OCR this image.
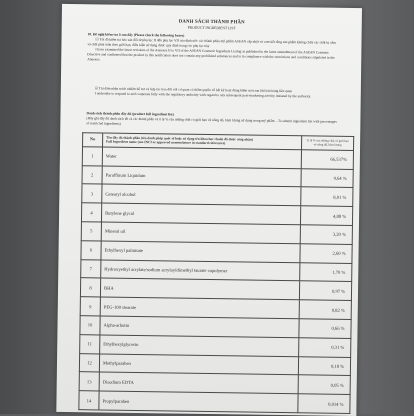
DANH SÁCH THÀNH PHẦN
PRODUCT INGREDIENT LIST

10. Đề nghị kiểm tra ô sau đây (Please check the following boxes)

☑ Tôi đã kiểm tra bảo sản đối từ phụ lục II đến phụ lục VII của định ước các thành phần mỹ phẩm ASEAN cập nhật và cam kết rằng sản phẩm không chứa các chất bị cấm và chất phải tuân theo giới hạn, điều kiện sử dụng được quy định trong các phụ lục này

I have examined the latest revisions of the Annexes II to VII of the ASEAN Cosmetic Ingredient Listing as published in the latest amendment of the ASEAN Cosmetic Directive and confirmed that the product in this notification does not contain any prohibited substances and is in compliance with the restrictions and conditions stipulated in the Annexes.

☑ Tôi đảm nhận trách nhiệm hỗ trợ và hợp tác trao đổi với cơ quan có thẩm quyền về bất kỳ hoạt động kiểm soát sau khi bán hàng liên quan

I undertake to respond to and cooperate fully with the regulatory authority with regard to any subsequent post-marketing activity initiated by the authority.

Danh sách thành phần đầy đủ (product full ingredient list)

(Hãy ghi đầy đủ danh sách tất cả các thành phần và tỉ lệ % của những chất có giới hạn về nồng độ, hàm lượng sử dụng trong mỹ phẩm – To submit ingredient list with percentages of restricted ingredients)

No	Tên đầy đủ thành phần (tên danh pháp quốc tế hoặc sử dụng tên khoa học chuẩn đã được công nhận)
Full Ingredient name (use INCI or approved nomenclature in standard references)	Tỉ lệ % của những chất có giới hạn về nồng độ, hàm lượng
1	Water	66,537%
2	Paraffinum Liquidum	9,64 %
3	Cetearyl alcohol	8,01 %
4	Butylene glycol	4,88 %
5	Mineral oil	3,20 %
6	Ethylhexyl palmitate	2,60 %
7	Hydroxyethyl acrylate/sodium acryloyldimethyl taurate copolymer	1,70 %
8	BHA	0,97 %
9	PEG-100 stearate	0,82 %
10	Alpha-arbutin	0,66 %
11	Ethylhexylglycerin	0,31 %
12	Methylparaben	0,18 %
13	Disodium EDTA	0,05 %
14	Propylparaben	0,014 %
